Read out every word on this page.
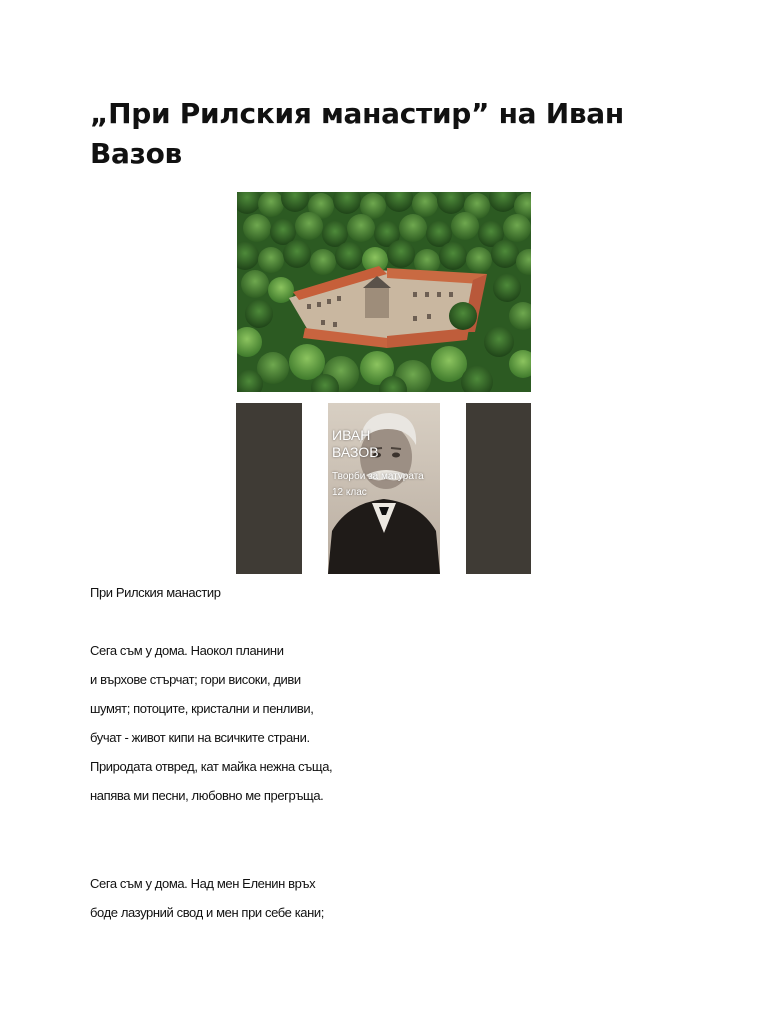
„При Рилския манастир” на Иван Вазов
ИВАН
ВАЗОВ
Творби за матурата
12 клас

При Рилския манастир

Сега съм у дома. Наокол планини
и върхове стърчат; гори високи, диви
шумят; потоците, кристални и пенливи,
бучат - живот кипи на всичките страни.
Природата отвред, кат майка нежна съща,
напява ми песни, любовно ме прегръща.
Сега съм у дома. Над мен Еленин връх
боде лазурний свод и мен при себе кани;
